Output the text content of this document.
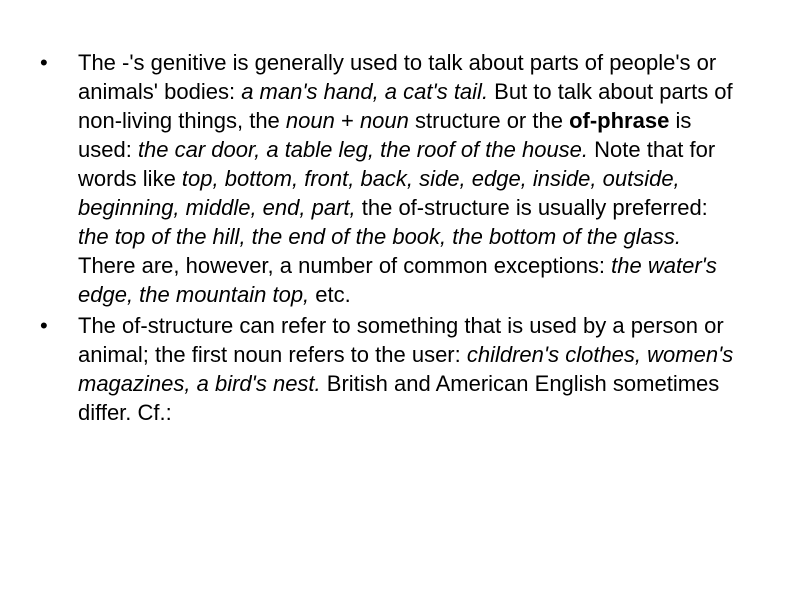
•	The -'s genitive is generally used to talk about parts of people's or animals' bodies: a man's hand, a cat's tail. But to talk about parts of non-living things, the noun + noun structure or the of-phrase is used: the car door, a table leg, the roof of the house. Note that for words like top, bottom, front, back, side, edge, inside, outside, beginning, middle, end, part, the of-structure is usually preferred: the top of the hill, the end of the book, the bottom of the glass. There are, however, a number of common exceptions: the water's edge, the mountain top, etc.
•	The of-structure can refer to something that is used by a person or animal; the first noun refers to the user: children's clothes, women's magazines, a bird's nest. British and American English sometimes differ. Cf.:
